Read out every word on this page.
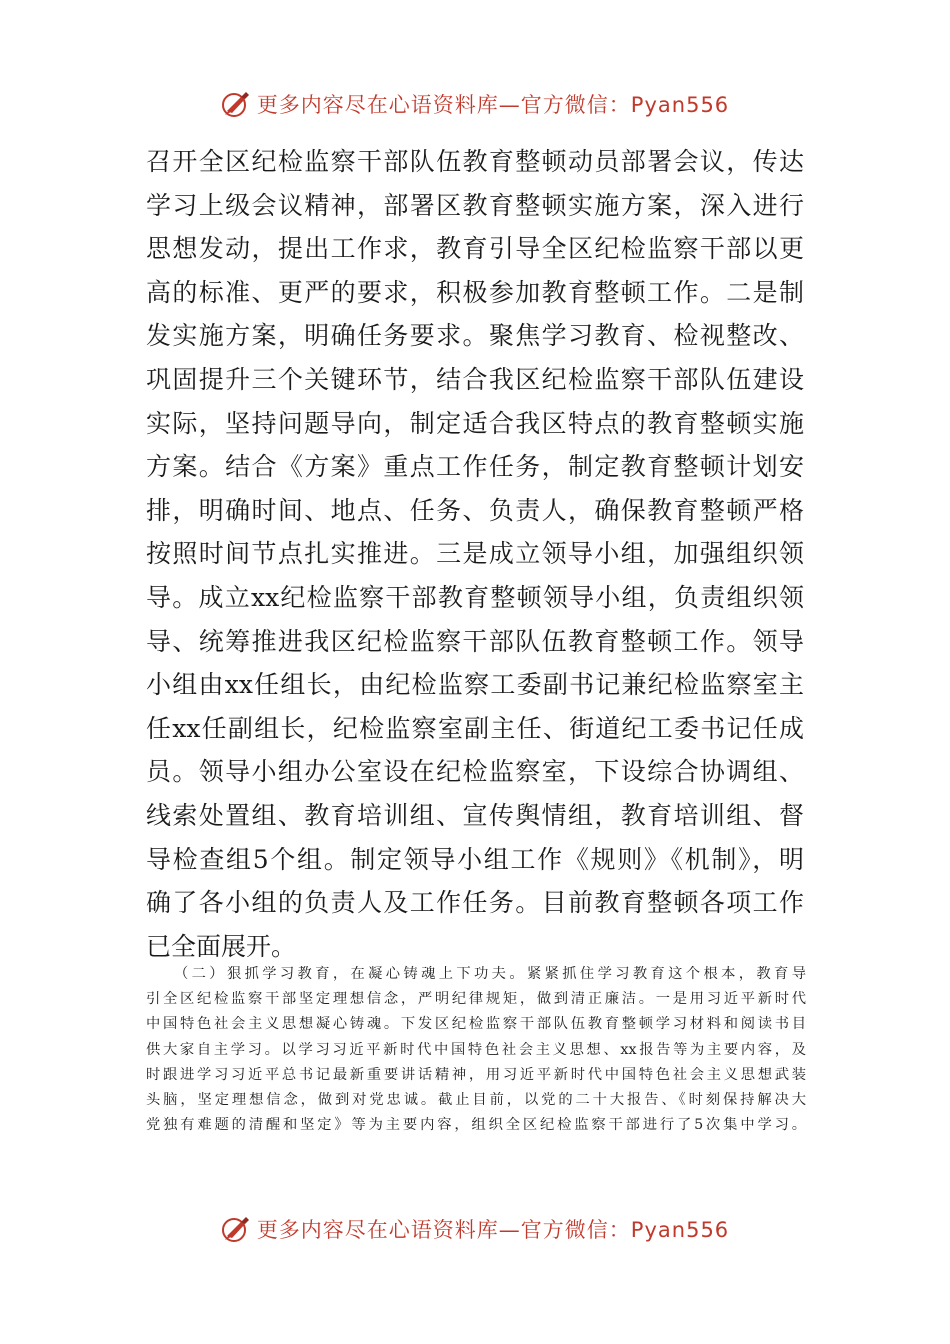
更多内容尽在心语资料库—官方微信：Pyan556
召开全区纪检监察干部队伍教育整顿动员部署会议，传达
学习上级会议精神，部署区教育整顿实施方案，深入进行
思想发动，提出工作求，教育引导全区纪检监察干部以更
高的标准、更严的要求，积极参加教育整顿工作。二是制
发实施方案，明确任务要求。聚焦学习教育、检视整改、
巩固提升三个关键环节，结合我区纪检监察干部队伍建设
实际，坚持问题导向，制定适合我区特点的教育整顿实施
方案。结合《方案》重点工作任务，制定教育整顿计划安
排，明确时间、地点、任务、负责人，确保教育整顿严格
按照时间节点扎实推进。三是成立领导小组，加强组织领
导。成立xx纪检监察干部教育整顿领导小组，负责组织领
导、统筹推进我区纪检监察干部队伍教育整顿工作。领导
小组由xx任组长，由纪检监察工委副书记兼纪检监察室主
任xx任副组长，纪检监察室副主任、街道纪工委书记任成
员。领导小组办公室设在纪检监察室，下设综合协调组、
线索处置组、教育培训组、宣传舆情组，教育培训组、督
导检查组5个组。制定领导小组工作《规则》《机制》，明
确了各小组的负责人及工作任务。目前教育整顿各项工作
已全面展开。
（二）狠抓学习教育，在凝心铸魂上下功夫。紧紧抓住学习教育这个根本，教育导
引全区纪检监察干部坚定理想信念，严明纪律规矩，做到清正廉洁。一是用习近平新时代
中国特色社会主义思想凝心铸魂。下发区纪检监察干部队伍教育整顿学习材料和阅读书目
供大家自主学习。以学习习近平新时代中国特色社会主义思想、xx报告等为主要内容，及
时跟进学习习近平总书记最新重要讲话精神，用习近平新时代中国特色社会主义思想武装
头脑，坚定理想信念，做到对党忠诚。截止目前，以党的二十大报告、《时刻保持解决大
党独有难题的清醒和坚定》等为主要内容，组织全区纪检监察干部进行了5次集中学习。
更多内容尽在心语资料库—官方微信：Pyan556
